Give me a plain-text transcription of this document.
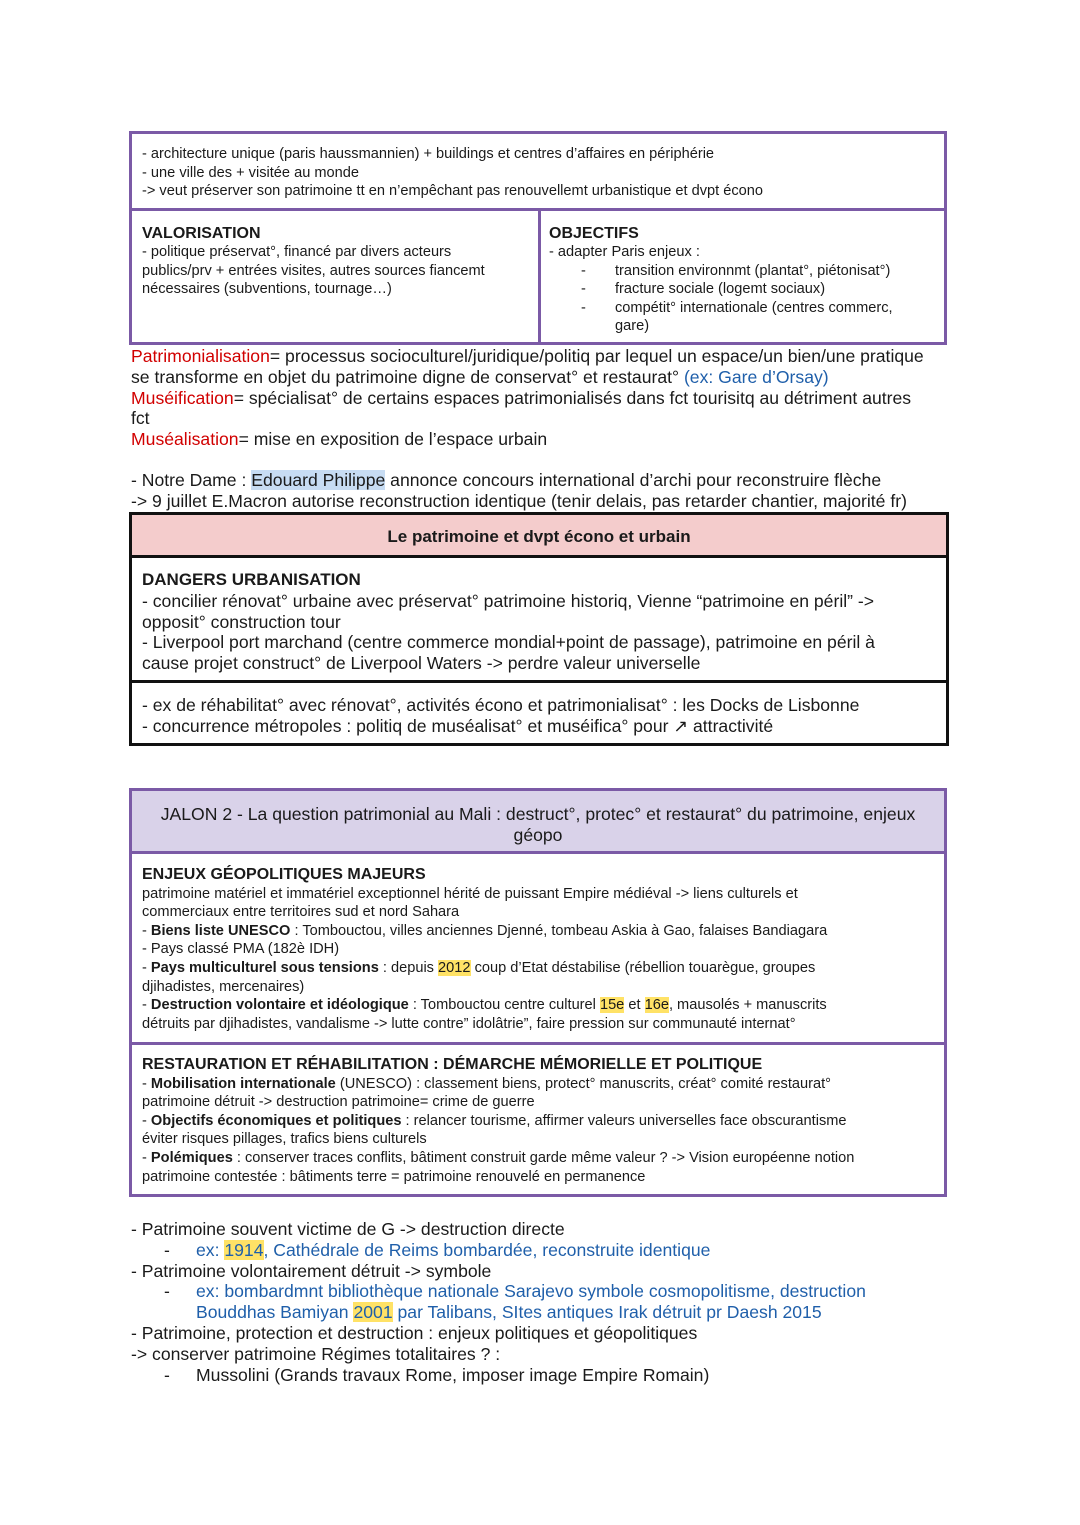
- architecture unique (paris haussmannien) + buildings et centres d’affaires en périphérie
- une ville des + visitée au monde
-> veut préserver son patrimoine tt en n’empêchant pas renouvellemt urbanistique et dvpt écono
VALORISATION
- politique préservat°, financé par divers acteurs
publics/prv + entrées visites, autres sources fiancemt
nécessaires (subventions, tournage…)
OBJECTIFS
- adapter Paris enjeux :
- transition environnmt (plantat°, piétonisat°)
- fracture sociale (logemt sociaux)
- compétit° internationale (centres commerc,
gare)
Patrimonialisation= processus socioculturel/juridique/politiq par lequel un espace/un bien/une pratique
se transforme en objet du patrimoine digne de conservat° et restaurat° (ex: Gare d’Orsay)
Muséification= spécialisat° de certains espaces patrimonialisés dans fct tourisitq au détriment autres
fct
Muséalisation= mise en exposition de l’espace urbain
- Notre Dame : Edouard Philippe annonce concours international d’archi pour reconstruire flèche
-> 9 juillet E.Macron autorise reconstruction identique (tenir delais, pas retarder chantier, majorité fr)
Le patrimoine et dvpt écono et urbain
DANGERS URBANISATION
- concilier rénovat° urbaine avec préservat° patrimoine historiq, Vienne “patrimoine en péril” ->
opposit° construction tour
- Liverpool port marchand (centre commerce mondial+point de passage), patrimoine en péril à
cause projet construct° de Liverpool Waters -> perdre valeur universelle
- ex de réhabilitat° avec rénovat°, activités écono et patrimonialisat° : les Docks de Lisbonne
- concurrence métropoles : politiq de muséalisat° et muséifica° pour ↗ attractivité
JALON 2 - La question patrimonial au Mali : destruct°, protec° et restaurat° du patrimoine, enjeux
géopo
ENJEUX GÉOPOLITIQUES MAJEURS
patrimoine matériel et immatériel exceptionnel hérité de puissant Empire médiéval -> liens culturels et
commerciaux entre territoires sud et nord Sahara
- Biens liste UNESCO : Tombouctou, villes anciennes Djenné, tombeau Askia à Gao, falaises Bandiagara
- Pays classé PMA (182è IDH)
- Pays multiculturel sous tensions : depuis 2012 coup d’Etat déstabilise (rébellion touarègue, groupes
djihadistes, mercenaires)
- Destruction volontaire et idéologique : Tombouctou centre culturel 15e et 16e, mausolés + manuscrits
détruits par djihadistes, vandalisme -> lutte contre” idolâtrie”, faire pression sur communauté internat°
RESTAURATION ET RÉHABILITATION : DÉMARCHE MÉMORIELLE ET POLITIQUE
- Mobilisation internationale (UNESCO) : classement biens, protect° manuscrits, créat° comité restaurat°
patrimoine détruit -> destruction patrimoine= crime de guerre
- Objectifs économiques et politiques : relancer tourisme, affirmer valeurs universelles face obscurantisme
éviter risques pillages, trafics biens culturels
- Polémiques : conserver traces conflits, bâtiment construit garde même valeur ? -> Vision européenne notion
patrimoine contestée : bâtiments terre = patrimoine renouvelé en permanence
- Patrimoine souvent victime de G -> destruction directe
- ex: 1914, Cathédrale de Reims bombardée, reconstruite identique
- Patrimoine volontairement détruit -> symbole
- ex: bombardmnt bibliothèque nationale Sarajevo symbole cosmopolitisme, destruction
Bouddhas Bamiyan 2001 par Talibans, SItes antiques Irak détruit pr Daesh 2015
- Patrimoine, protection et destruction : enjeux politiques et géopolitiques
-> conserver patrimoine Régimes totalitaires ? :
- Mussolini (Grands travaux Rome, imposer image Empire Romain)
